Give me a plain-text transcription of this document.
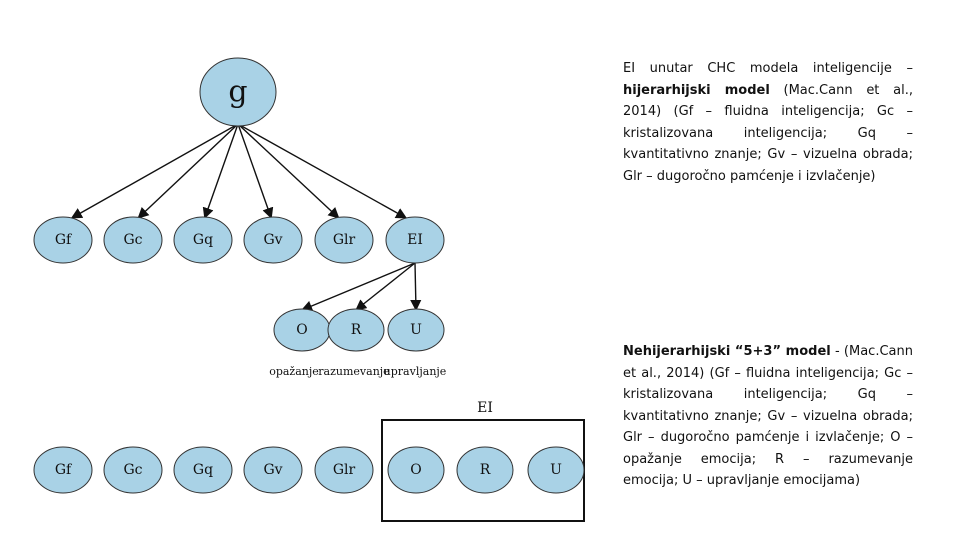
g
Gf	Gc	Gq	Gv	Glr	EI
O	R	U
Gf	Gc	Gq	Gv	Glr	O	R	U
opažanje razumevanje
upravljanje
EI
EI unutar CHC modela inteligencije – hijerarhijski model (Mac.Cann et al., 2014) (Gf – fluidna inteligencija; Gc – kristalizovana inteligencija; Gq – kvantitativno znanje; Gv – vizuelna obrada; Glr – dugoročno pamćenje i izvlačenje)
Nehijerarhijski “5+3” model - (Mac.Cann et al., 2014) (Gf – fluidna inteligencija; Gc – kristalizovana inteligencija; Gq – kvantitativno znanje; Gv – vizuelna obrada; Glr – dugoročno pamćenje i izvlačenje; O – opažanje emocija; R – razumevanje emocija; U – upravljanje emocijama)
